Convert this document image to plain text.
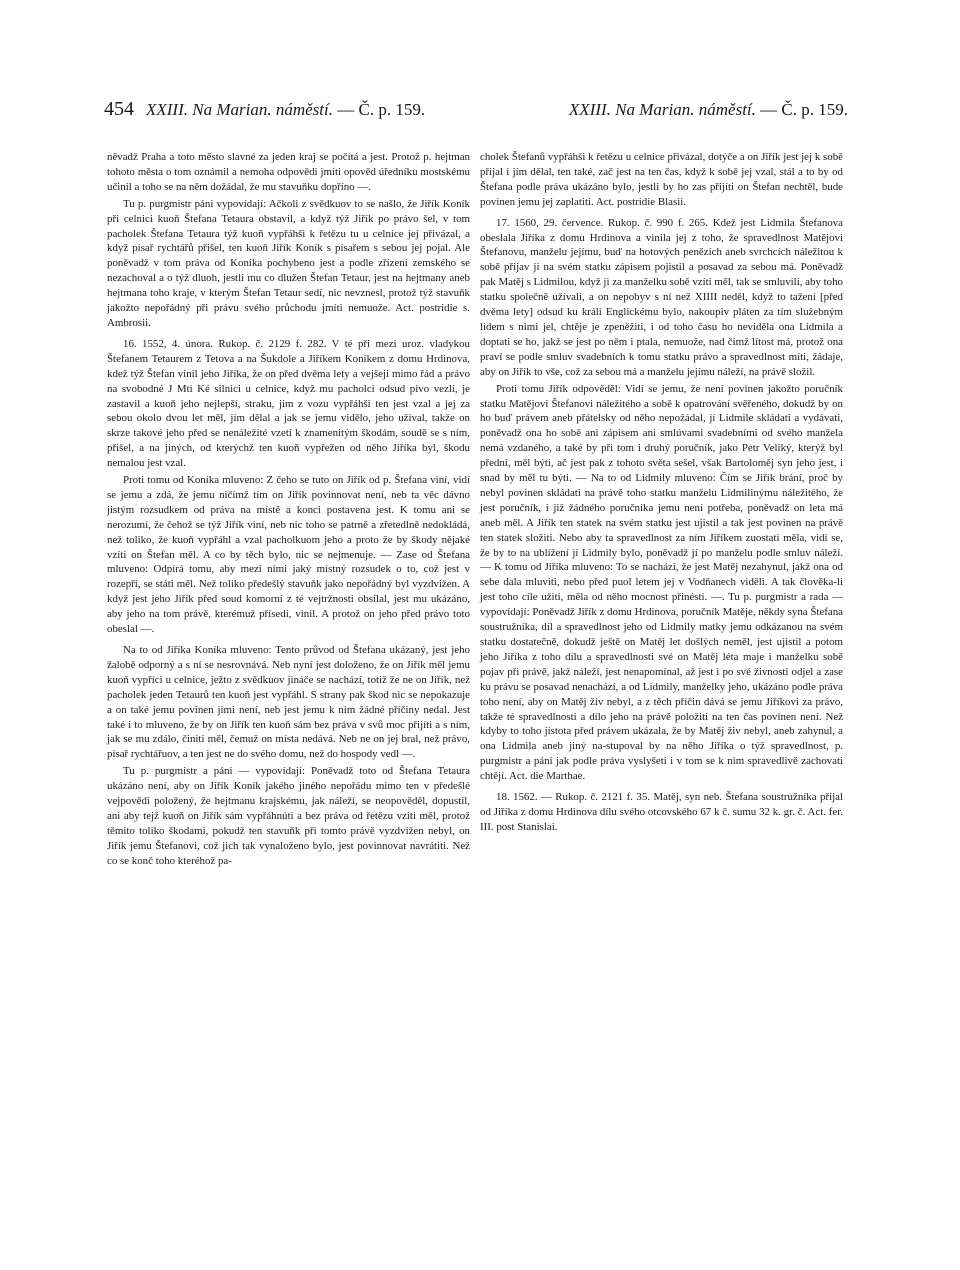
454 XXIII. Na Marian. náměstí. — Č. p. 159.	XXIII. Na Marian. náměstí. — Č. p. 159.

něvadž Praha a toto město slavné za jeden kraj se počítá a jest. Protož p. hejtman tohoto města o tom oznámil a nemoha odpovědi jmíti opověd úředníku mostskému učinil a toho se na něm dožádal, že mu stavuňku dopříno —.

Tu p. purgmistr páni vypovídají: Ačkoli z svědkuov to se našlo, že Jiřík Koník při celnici kuoň Štefana Tetaura obstavil, a když týž Jiřík po právo šel, v tom pacholek Štefana Tetaura týž kuoň vypřáhši k řetězu tu u celnice jej přivázal, a když písař rychtářů přišel, ten kuoň Jiřík Koník s písařem s sebou jej pojal. Ale poněvadž v tom práva od Koníka pochybeno jest a podle zřízení zemského se nezachoval a o týž dluoh, jestli mu co dlužen Štefan Tetaur, jest na hejtmany aneb hejtmana toho kraje, v kterým Štefan Tetaur sedí, nic nevznesl, protož týž stavuňk jakožto nepořádný při právu svého průchodu jmíti nemuože. Act. postridie s. Ambrosii.

16. 1552, 4. února. Rukop. č. 2129 f. 282. V té při mezi uroz. vladykou Štefanem Tetaurem z Tetova a na Šukdole a Jiříkem Koníkem z domu Hrdinova, kdež týž Štefan vinil jeho Jiříka, že on před dvěma lety a vejšeji mimo řád a právo na svobodné J Mti Ké silnici u celnice, když mu pacholci odsud pivo vezli, je zastavil a kuoň jeho nejlepší, straku, jim z vozu vypřáhši ten jest vzal a jej za sebou okolo dvou let měl, jím dělal a jak se jemu vidělo, jeho užíval, takže on skrze takové jeho před se nenáležité vzetí k znamenitým škodám, soudě se s ním, přišel, a na jiných, od kterýchž ten kuoň vypřežen od něho Jiříka byl, škodu nemalou jest vzal.

Proti tomu od Koníka mluveno: Z čeho se tuto on Jiřík od p. Štefana viní, vidí se jemu a zdá, že jemu ničímž tím on Jiřík povinnovat není, neb ta věc dávno jistým rozsudkem od práva na místě a konci postavena jest. K tomu ani se nerozumí, že čehož se týž Jiřík viní, neb nic toho se patrně a zřetedlně nedokládá, než toliko, že kuoň vypřáhl a vzal pacholkuom jeho a proto že by škody nějaké vzíti on Štefan měl. A co by těch bylo, nic se nejmenuje. — Zase od Štefana mluveno: Odpírá tomu, aby mezi nimi jaký místný rozsudek o to, což jest v rozepři, se státi měl. Než toliko předešlý stavuňk jako nepořádný byl vyzdvižen. A když jest jeho Jiřík před soud komorní z té vejtržnosti obsílal, jest mu ukázáno, aby jeho na tom právě, kterémuž přísedí, vinil. A protož on jeho před právo toto obeslal —.

Na to od Jiříka Koníka mluveno: Tento průvod od Štefana ukázaný, jest jeho žalobě odporný a s ní se nesrovnává. Neb nyní jest doloženo, že on Jiřík měl jemu kuoň vypříci u celnice, ježto z svědkuov jináče se nachází, totiž že ne on Jiřík, než pacholek jeden Tetaurů ten kuoň jest vypřáhl. S strany pak škod nic se nepokazuje a on také jemu povinen jimi není, neb jest jemu k nim žádné příčiny nedal. Jest také i to mluveno, že by on Jiřík ten kuoň sám bez práva v svů moc přijíti a s ním, jak se mu zdálo, činiti měl, čemuž on místa nedává. Neb ne on jej bral, než právo, písař rychtářuov, a ten jest ne do svého domu, než do hospody vedl —.

Tu p. purgmistr a páni — vypovídají: Poněvadž toto od Štefana Tetaura ukázáno není, aby on Jiřík Koník jakého jiného nepořádu mimo ten v předešlé vejpovědi položený, že hejtmanu krajskému, jak náleží, se neopověděl, dopustil, ani aby tejž kuoň on Jiřík sám vypřáhnúti a bez práva od řetězu vzíti měl, protož těmito toliko škodami, pokudž ten stavuňk při tomto právě vyzdvižen nebyl, on Jiřík jemu Štefanovi, což jich tak vynaloženo bylo, jest povinnovat navrátiti. Než co se konč toho kteréhož pa-

cholek Štefanů vypřáhši k řetězu u celnice přivázal, dotýče a on Jiřík jest jej k sobě přijal i jím dělal, ten také, zač jest na ten čas, když k sobě jej vzal, stál a to by od Štefana podle práva ukázáno bylo, jestli by ho zas přijíti on Štefan nechtěl, bude povinen jemu jej zaplatiti. Act. postridie Blasii.

17. 1560, 29. července. Rukop. č. 990 f. 265. Kdež jest Lidmila Štefanova obeslala Jiříka z domu Hrdinova a vinila jej z toho, že spravedlnost Matějovi Štefanovu, manželu jejímu, buď na hotových penězích aneb svrchcích náležitou k sobě přijav ji na svém statku zápisem pojistil a posavad za sebou má. Poněvadž pak Matěj s Lidmilou, když ji za manželku sobě vzíti měl, tak se smluvili, aby toho statku společně užívali, a on nepobyv s ní než XIIII neděl, když to tažení [před dvěma lety] odsud ku králi Englickému bylo, nakoupiv pláten za tím služebným lidem s nimi jel, chtěje je zpeněžiti, i od toho času ho neviděla ona Lidmila a doptati se ho, jakž se jest po něm i ptala, nemuože, nad čímž lítost má, protož ona praví se podle smluv svadebních k tomu statku právo a spravedlnost míti, žádaje, aby on Jiřík to vše, což za sebou má a manželu jejímu náleží, na právě složil.

Proti tomu Jiřík odpověděl: Vidí se jemu, že není povinen jakožto poručník statku Matějovi Štefanovi náležitého a sobě k opatrování svěřeného, dokudž by on ho buď právem aneb přátelsky od něho nepožádal, jí Lidmile skládati a vydávati, poněvadž ona ho sobě ani zápisem ani smlúvami svadebními od svého manžela nemá vzdaného, a také by při tom i druhý poručník, jako Petr Veliký, kterýž byl přední, měl býti, ač jest pak z tohoto světa sešel, však Bartoloměj syn jeho jest, i snad by měl tu býti. — Na to od Lidmily mluveno: Čím se Jiřík brání, proč by nebyl povinen skládati na právě toho statku manželu Lidmilinýmu náležitého, že jest poručník, i již žádného poručníka jemu není potřeba, poněvadž on leta má aneb měl. A Jiřík ten statek na svém statku jest ujistil a tak jest povinen na právě ten statek složiti. Nebo aby ta spravedlnost za ním Jiříkem zuostati měla, vidí se, že by to na ublížení jí Lidmily bylo, poněvadž jí po manželu podle smluv náleží. — K tomu od Jiříka mluveno: To se nachází, že jest Matěj nezahynul, jakž ona od sebe dala mluviti, nebo před puol letem jej v Vodňanech viděli. A tak člověka-li jest toho cíle užiti, měla od něho mocnost přinésti. —. Tu p. purgmistr a rada — vypovídají: Poněvadž Jiřík z domu Hrdinova, poručník Matěje, někdy syna Štefana soustružníka, díl a spravedlnost jeho od Lidmily matky jemu odkázanou na svém statku dostatečně, dokudž ještě on Matěj let došlých neměl, jest ujistil a potom jeho Jiříka z toho dílu a spravedlnosti své on Matěj léta maje i manželku sobě pojav při právě, jakž náleží, jest nenapomínal, až jest i po své živnosti odjel a zase ku právu se posavad nenachází, a od Lidmily, manželky jeho, ukázáno podle práva toho není, aby on Matěj živ nebyl, a z těch příčin dává se jemu Jiříkovi za právo, takže té spravedlnosti a dílo jeho na právě položiti na ten čas povinen není. Než kdyby to toho jistota před právem ukázala, že by Matěj živ nebyl, aneb zahynul, a ona Lidmila aneb jiný na-stupoval by na něho Jiříka o týž spravedlnost, p. purgmistr a páni jak podle práva vyslyšeti i v tom se k nim spravedlivě zachovati chtějí. Act. die Marthae.

18. 1562. — Rukop. č. 2121 f. 35. Matěj, syn neb. Štefana soustružníka přijal od Jiříka z domu Hrdinova dílu svého otcovského 67 k č. sumu 32 k. gr. č. Act. fer. III. post Stanislai.
